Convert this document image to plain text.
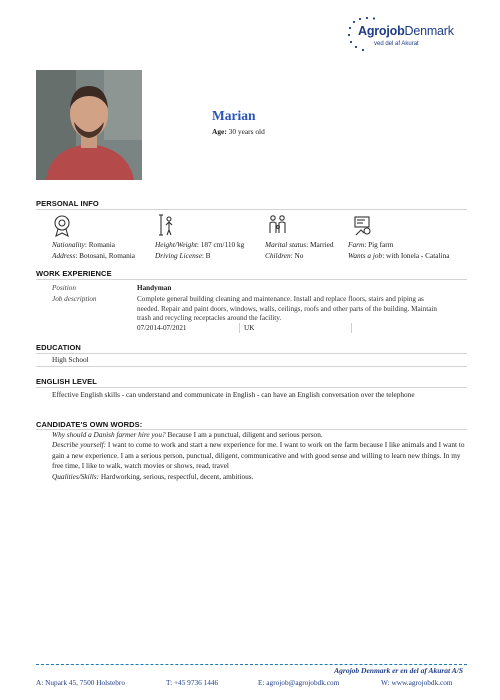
AgrojobDenmark
ved del af Akurat
Marian
Age: 30 years old
PERSONAL INFO
Nationality: Romania
Address: Botosani, Romania
Height/Weight: 187 cm/110 kg
Driving License: B
Marital status: Married
Children: No
Farm: Pig farm
Wants a job: with Ionela - Catalina
WORK EXPERIENCE
Position	Handyman
Job description	Complete general building cleaning and maintenance. Install and replace floors, stairs and piping as needed. Repair and paint doors, windows, walls, ceilings, roofs and other parts of the building. Maintain trash and recycling receptacles around the facility.
07/2014-07/2021	UK
EDUCATION
High School
ENGLISH LEVEL
Effective English skills - can understand and communicate in English - can have an English conversation over the telephone
CANDIDATE'S OWN WORDS:
Why should a Danish farmer hire you? Because I am a punctual, diligent and serious person.
Describe yourself: I want to come to work and start a new experience for me. I want to work on the farm because I like animals and I want to gain a new experience. I am a serious person, punctual, diligent, communicative and with good sense and willing to learn new things. In my free time, I like to walk, watch movies or shows, read, travel
Qualities/Skills: Hardworking, serious, respectful, decent, ambitious.
Agrojob Denmark er en del af Akurat A/S
A: Nupark 45, 7500 Holstebro	T: +45 9736 1446	E: agrojob@agrojobdk.com	W: www.agrojobdk.com
